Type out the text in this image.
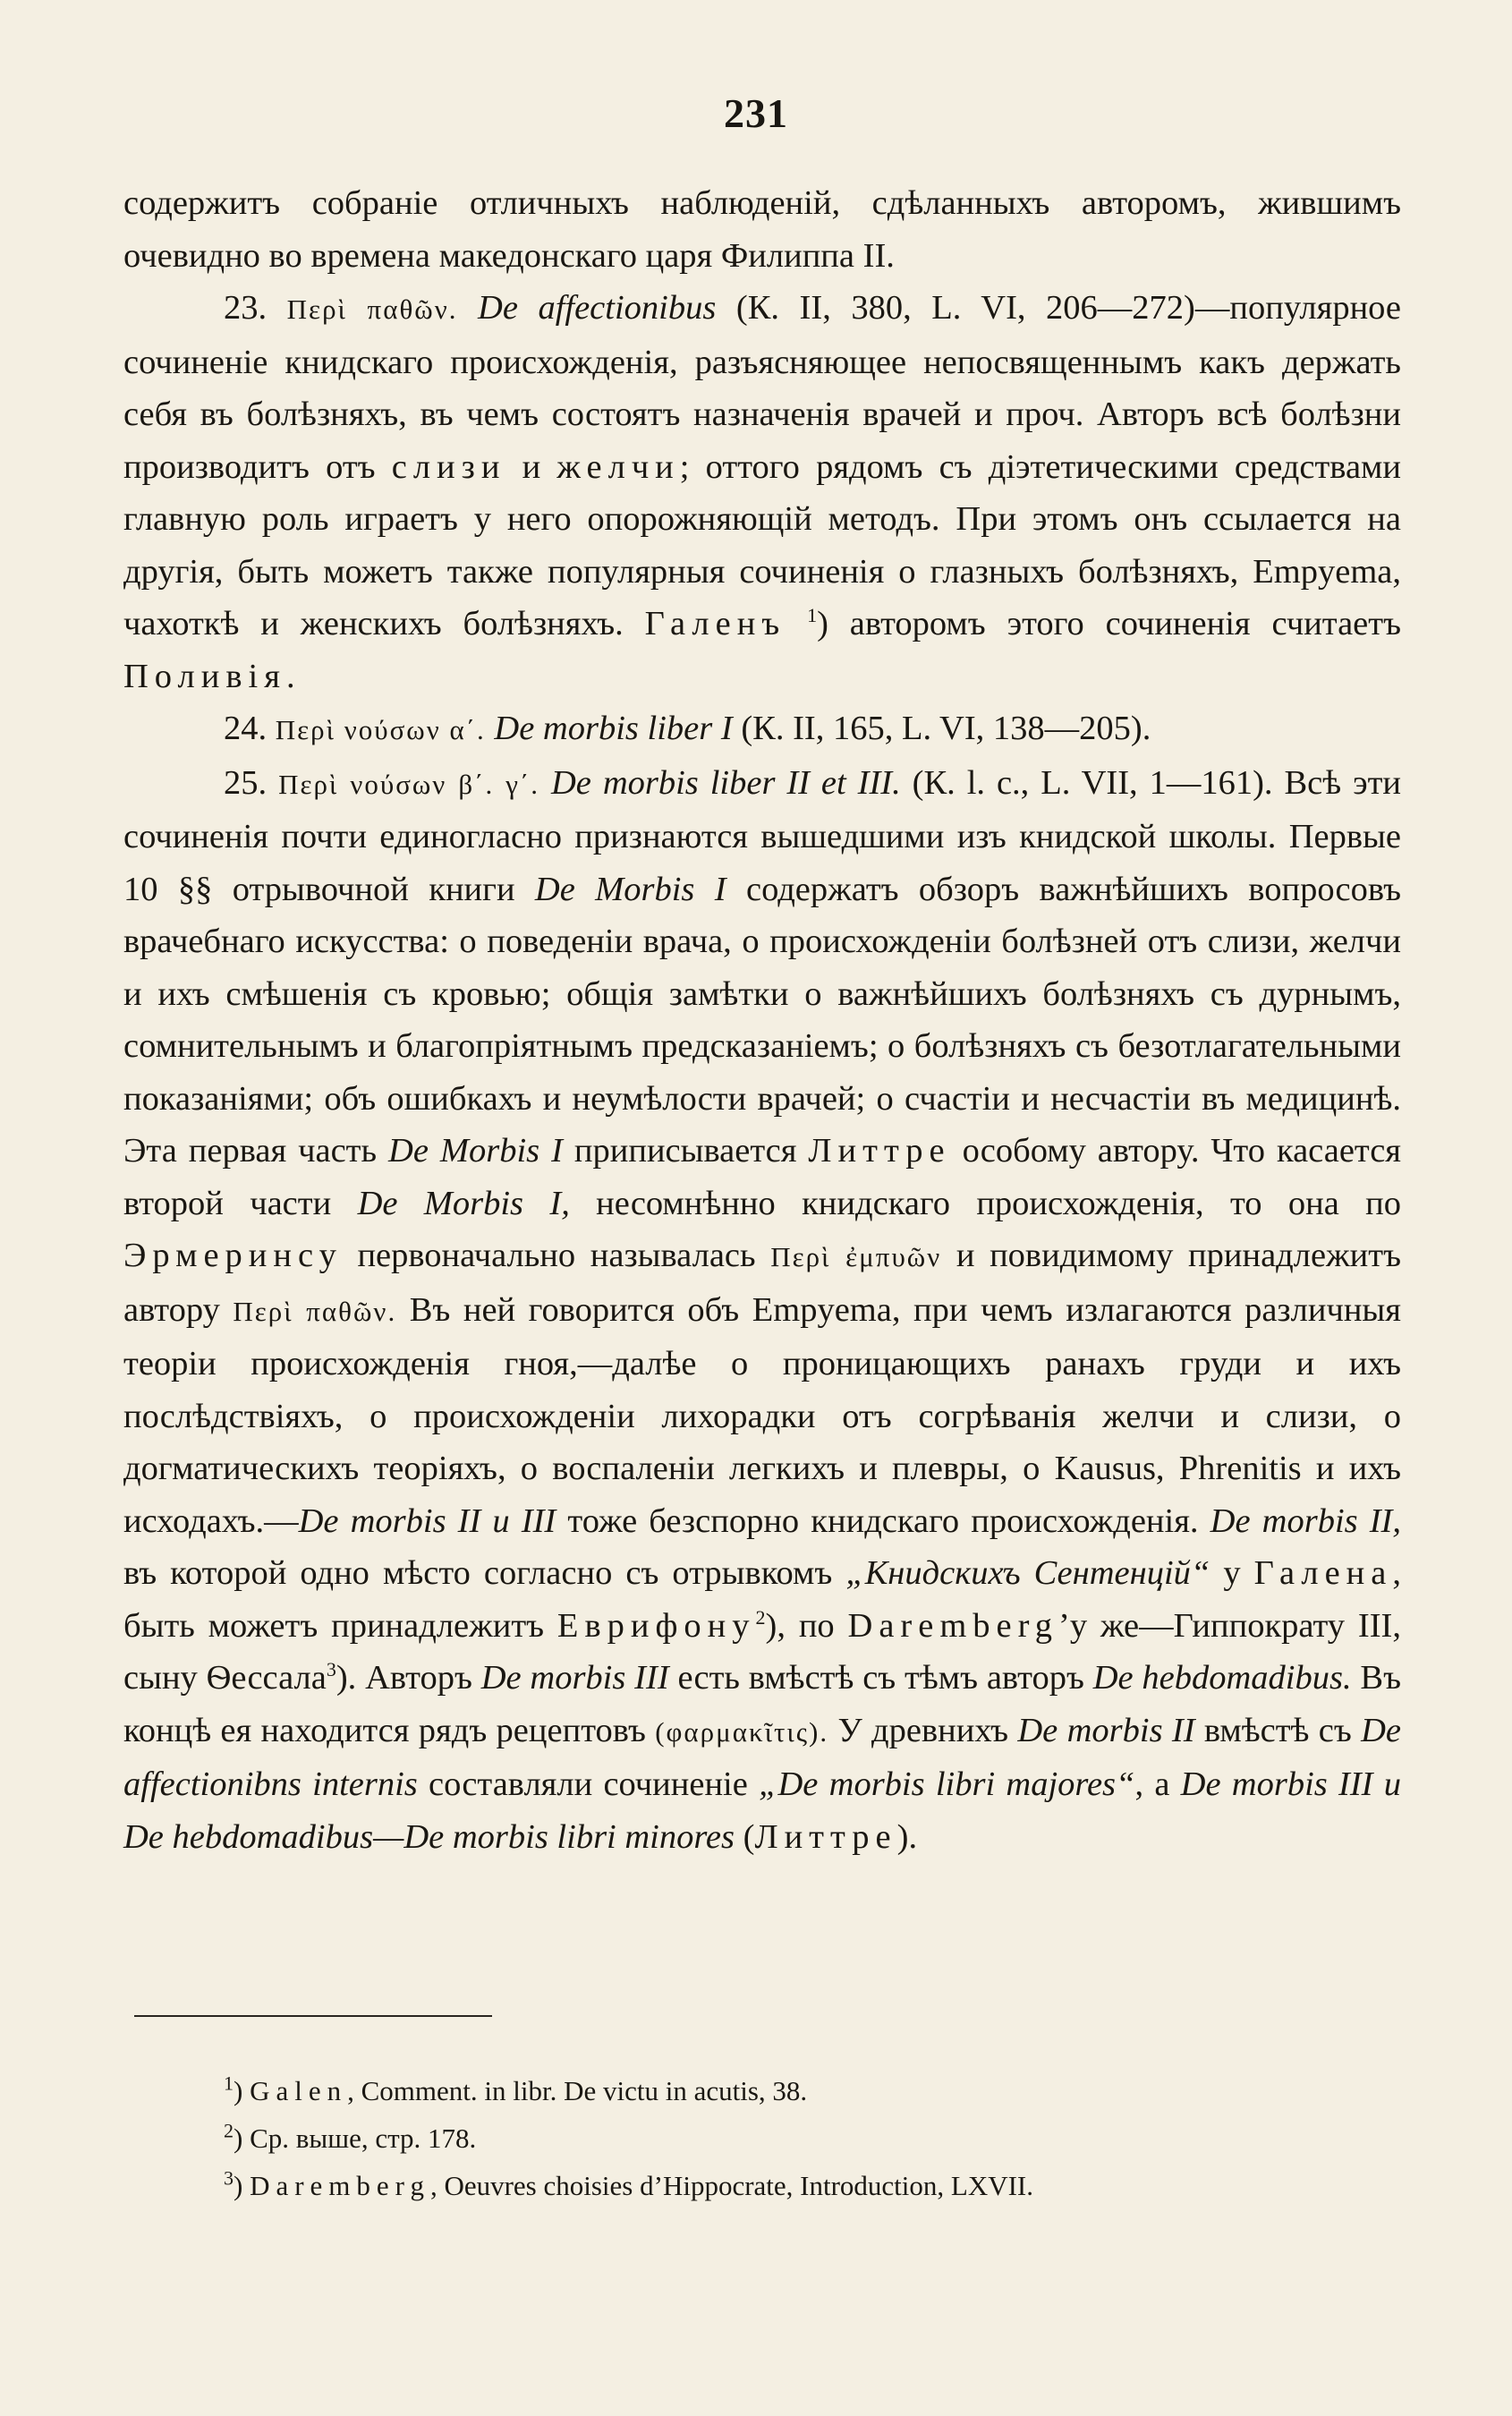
231

содержитъ собраніе отличныхъ наблюденій, сдѣланныхъ авторомъ, жившимъ очевидно во времена македонскаго царя Филиппа II.

23. Περὶ παθῶν. De affectionibus (К. II, 380, L. VI, 206—272)—популярное сочиненіе книдскаго происхожденія, разъясняющее непосвященнымъ какъ держать себя въ болѣзняхъ, въ чемъ состоятъ назначенія врачей и проч. Авторъ всѣ болѣзни производитъ отъ слизи и желчи; оттого рядомъ съ діэтетическими средствами главную роль играетъ у него опорожняющій методъ. При этомъ онъ ссылается на другія, быть можетъ также популярныя сочиненія о глазныхъ болѣзняхъ, Empyema, чахоткѣ и женскихъ болѣзняхъ. Галенъ $^1$) авторомъ этого сочиненія считаетъ Поливія.

24. Περὶ νούσων α΄. De morbis liber I (К. II, 165, L. VI, 138—205).

25. Περὶ νούσων β΄. γ΄. De morbis liber II et III. (К. l. c., L. VII, 1—161). Всѣ эти сочиненія почти единогласно признаются вышедшими изъ книдской школы. Первые 10 §§ отрывочной книги De Morbis I содержатъ обзоръ важнѣйшихъ вопросовъ врачебнаго искусства: о поведеніи врача, о происхожденіи болѣзней отъ слизи, желчи и ихъ смѣшенія съ кровью; общія замѣтки о важнѣйшихъ болѣзняхъ съ дурнымъ, сомнительнымъ и благопріятнымъ предсказаніемъ; о болѣзняхъ съ безотлагательными показаніями; объ ошибкахъ и неумѣлости врачей; о счастіи и несчастіи въ медицинѣ. Эта первая часть De Morbis I приписывается Литтре особому автору. Что касается второй части De Morbis I, несомнѣнно книдскаго происхожденія, то она по Эрмеринсу первоначально называлась Περὶ ἐμπυῶν и повидимому принадлежитъ автору Περὶ παθῶν. Въ ней говорится объ Empyema, при чемъ излагаются различныя теоріи происхожденія гноя,—далѣе о проницающихъ ранахъ груди и ихъ послѣдствіяхъ, о происхожденіи лихорадки отъ согрѣванія желчи и слизи, о догматическихъ теоріяхъ, о воспаленіи легкихъ и плевры, о Kausus, Phrenitis и ихъ исходахъ.—De morbis II и III тоже безспорно книдскаго происхожденія. De morbis II, въ которой одно мѣсто согласно съ отрывкомъ „Книдскихъ Сентенцій“ у Галена, быть можетъ принадлежитъ Еврифону$^2$), по Daremberg’у же—Гиппократу III, сыну Ѳессала$^3$). Авторъ De morbis III есть вмѣстѣ съ тѣмъ авторъ De hebdomadibus. Въ концѣ ея находится рядъ рецептовъ (φαρμακῖτις). У древнихъ De morbis II вмѣстѣ съ De affectionibns internis составляли сочиненіе „De morbis libri majores“, а De morbis III и De hebdomadibus—De morbis libri minores (Литтре).

$^1$) Galen, Comment. in libr. De victu in acutis, 38.
$^2$) Ср. выше, стр. 178.
$^3$) Daremberg, Oeuvres choisies d’Hippocrate, Introduction, LXVII.
